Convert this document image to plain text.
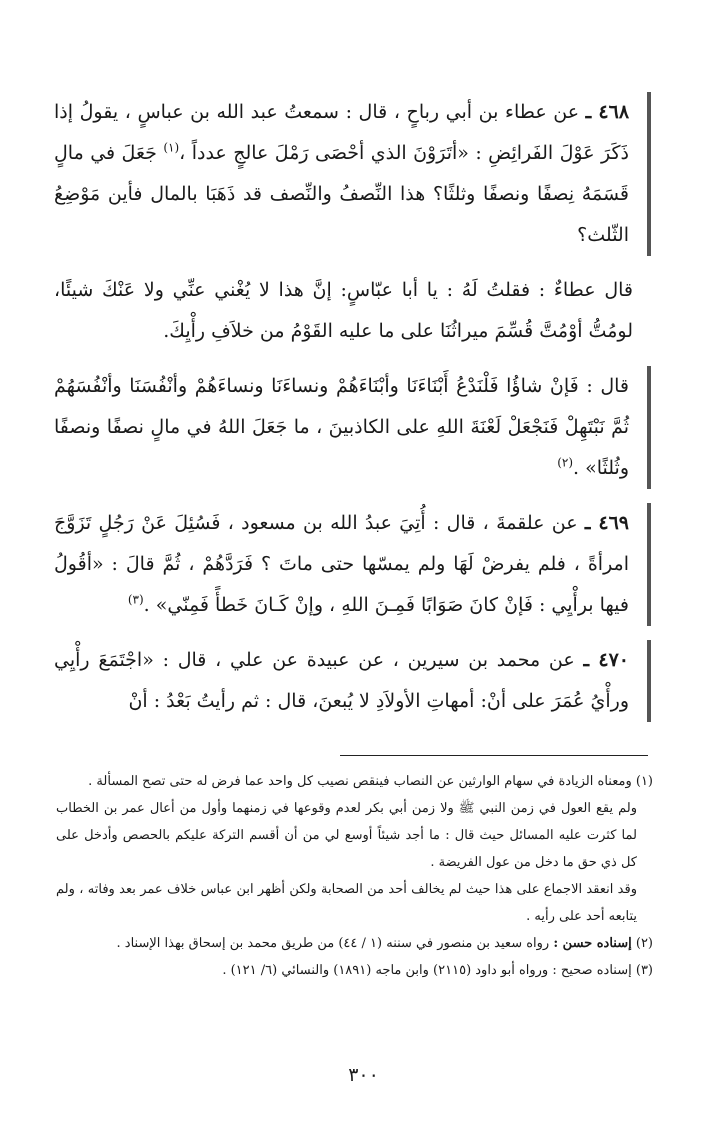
٤٦٨ ـ عن عطاء بن أبي رباحٍ ، قال : سمعتُ عبد الله بن عباسٍ ، يقولُ إذا ذَكَرَ عَوْلَ الفَرائِضِ : «أتَرَوْنَ الذي أحْصَى رَمْلَ عالجٍ عدداً ،$^{(١)}$ جَعَلَ في مالٍ قَسَمَهُ نِصفًا ونصفًا وثلثًا؟ هذا النِّصفُ والنِّصف قد ذَهَبَا بالمال فأين مَوْضِعُ الثّلث؟

قال عطاءٌ : فقلتُ لَهُ : يا أبا عبّاسٍ: إنَّ هذا لا يُغْني عنِّي ولا عَنْكَ شيئًا، لومُتُّ أوْمُتَّ قُسِّمَ ميراثُنَا على ما عليه القَوْمُ من خلاَفِ رأْيِكَ.

قال : فَإنْ شاؤُا فَلْنَدْعُ أَبْنَاءَنَا وأبْنَاءَهُمْ ونساءَنَا ونساءَهُمْ وأنْفُسَنَا وأنْفُسَهُمْ ثُمَّ نَبْتَهِلْ فَنَجْعَلْ لَعْنَةَ اللهِ على الكاذبينَ ، ما جَعَلَ اللهُ في مالٍ نصفًا ونصفًا وثُلثًا» .$^{(٢)}$

٤٦٩ ـ عن علقمةَ ، قال : أُتِيَ عبدُ الله بن مسعود ، فَسُئِلَ عَنْ رَجُلٍ تَزَوَّجَ امرأةً ، فلم يفرضْ لَهَا ولم يمسّها حتى ماتَ ؟ فَرَدَّهُمْ ، ثُمَّ قالَ : «أقُولُ فيها برأْيِي : فَإنْ كانَ صَوَابًا فَمِـنَ اللهِ ، وإنْ كَـانَ خَطأً فَمِنّي» .$^{(٣)}$

٤٧٠ ـ عن محمد بن سيرين ، عن عبيدة عن علي ، قال : «اجْتَمَعَ رأْيِي ورأْيُ عُمَرَ على أنْ: أمهاتِ الأولاَدِ لا يُبعنَ، قال : ثم رأيتُ بَعْدُ : أنْ

(١) ومعناه الزيادة في سهام الوارثين عن النصاب فينقص نصيب كل واحد عما فرض له حتى تصح المسألة .

ولم يقع العول في زمن النبي ﷺ ولا زمن أبي بكر لعدم وقوعها في زمنهما وأول من أعال عمر بن الخطاب لما كثرت عليه المسائل حيث قال : ما أجد شيئاً أوسع لي من أن أقسم التركة عليكم بالحصص وأدخل على كل ذي حق ما دخل من عول الفريضة .

وقد انعقد الاجماع على هذا حيث لم يخالف أحد من الصحابة ولكن أظهر ابن عباس خلاف عمر بعد وفاته ، ولم يتابعه أحد على رأيه .

(٢) إسناده حسن : رواه سعيد بن منصور في سننه (١ / ٤٤) من طريق محمد بن إسحاق بهذا الإسناد .

(٣) إسناده صحيح : ورواه أبو داود (٢١١٥) وابن ماجه (١٨٩١) والنسائي (٦/ ١٢١) .

٣٠٠
